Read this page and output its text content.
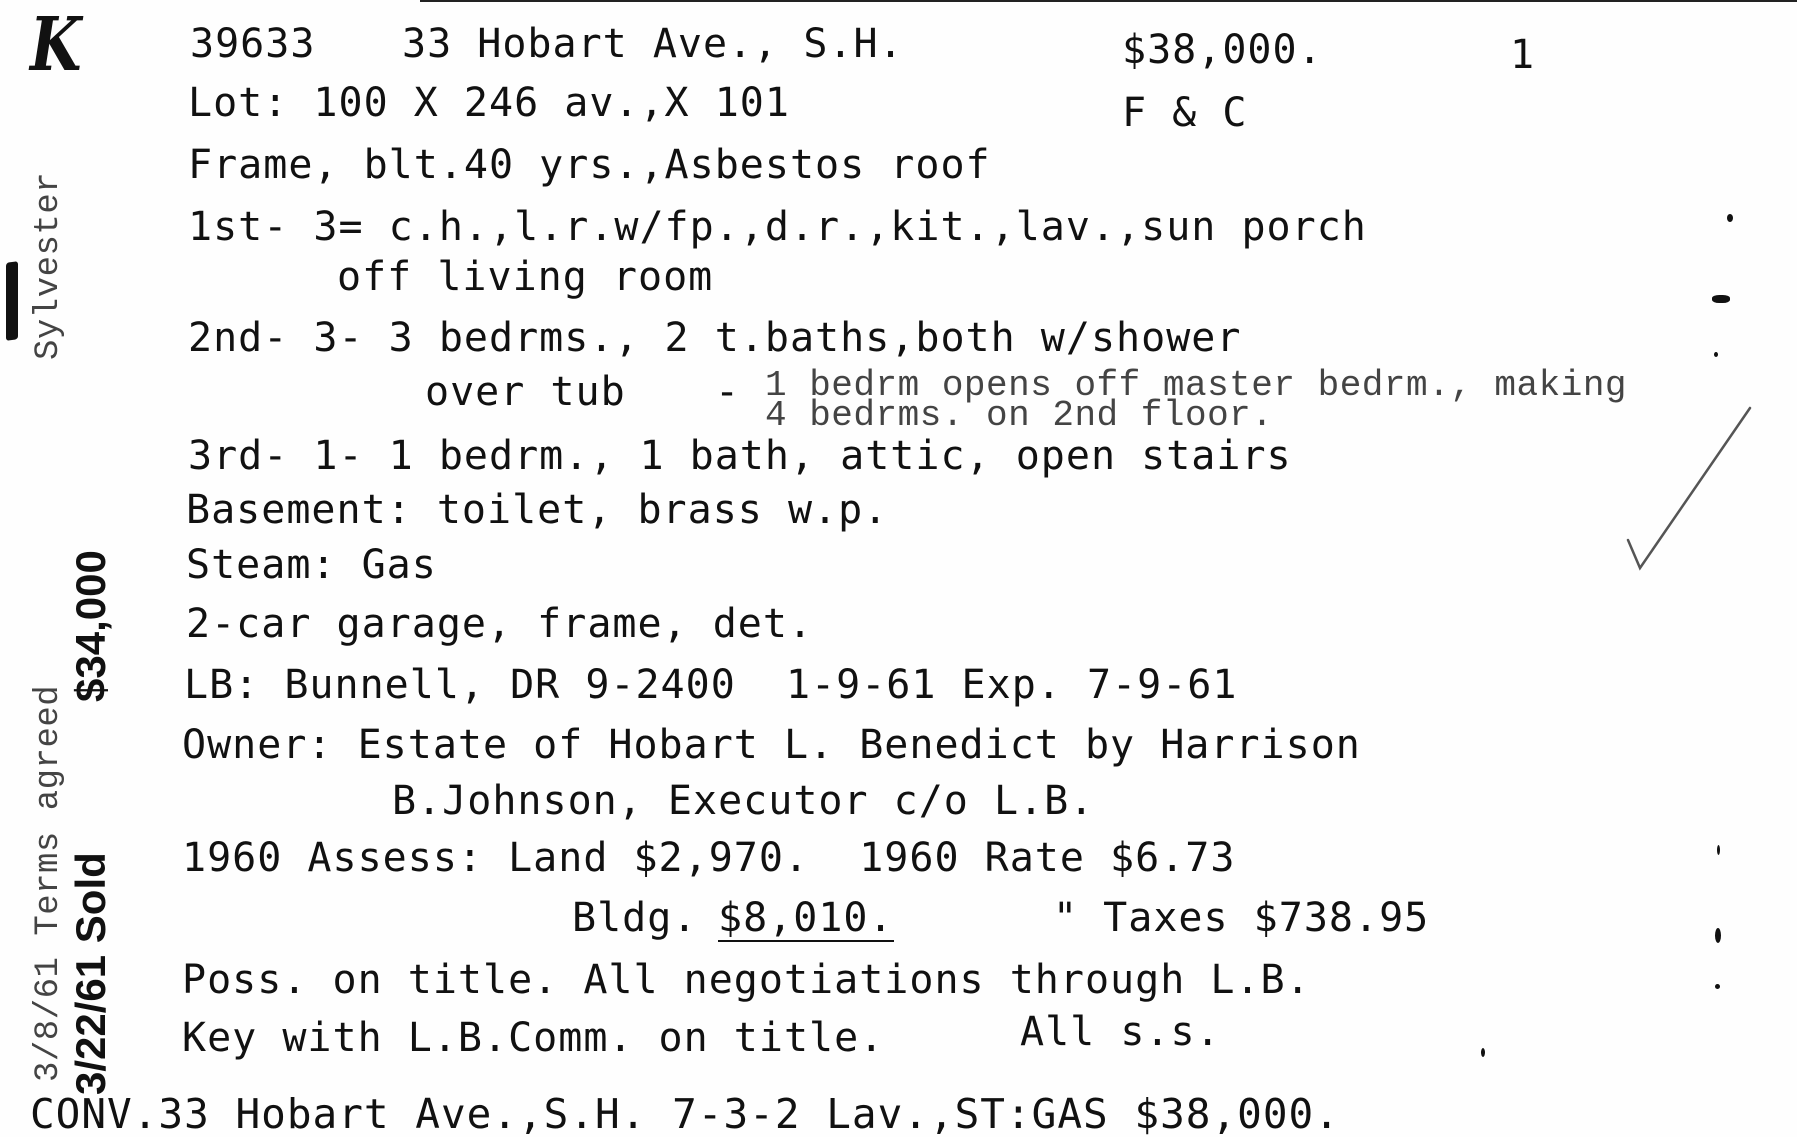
K
Sylvester
3/8/61 Terms agreed 3/22/61 Sold
$34,000
39633 33 Hobart Ave., S.H.	$38,000.	1
Lot: 100 X 246 av.,X 101	F & C
Frame, blt.40 yrs.,Asbestos roof
1st- 3= c.h.,l.r.w/fp.,d.r.,kit.,lav.,sun porch
off living room
2nd- 3- 3 bedrms., 2 t.baths,both w/shower
over tub - 1 bedrm opens off master bedrm., making
4 bedrms. on 2nd floor.
3rd- 1- 1 bedrm., 1 bath, attic, open stairs
Basement: toilet, brass w.p.
Steam: Gas
2-car garage, frame, det.
LB: Bunnell, DR 9-2400  1-9-61 Exp. 7-9-61
Owner: Estate of Hobart L. Benedict by Harrison
B.Johnson, Executor c/o L.B.
1960 Assess: Land $2,970.  1960 Rate $6.73
Bldg. $8,010.	" Taxes $738.95
Poss. on title. All negotiations through L.B.
Key with L.B.Comm. on title.	All s.s.
CONV.33 Hobart Ave.,S.H. 7-3-2 Lav.,ST:GAS $38,000.
